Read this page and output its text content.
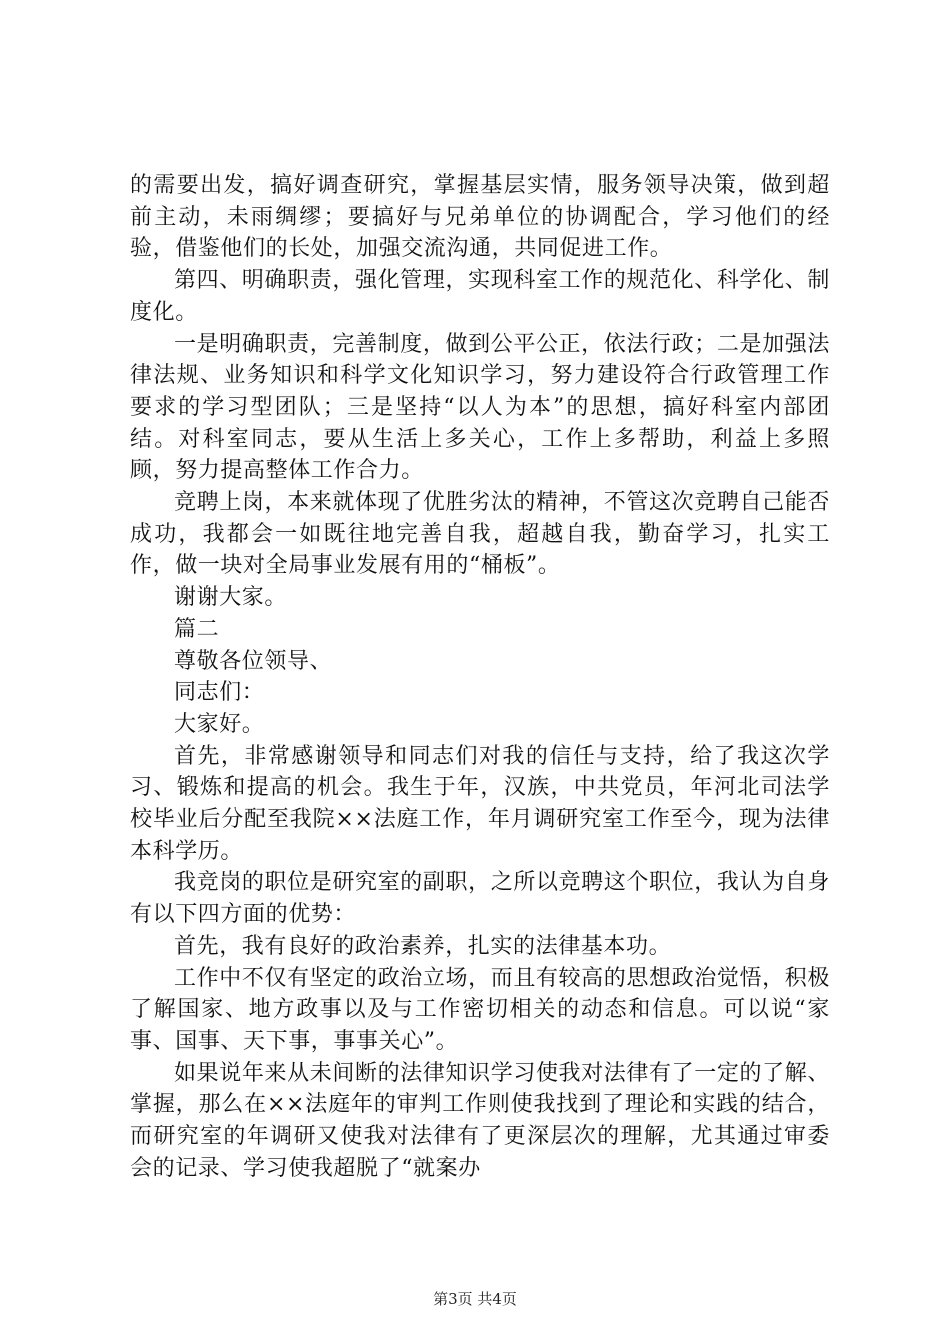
的需要出发，搞好调查研究，掌握基层实情，服务领导决策，做到超前主动，未雨绸缪；要搞好与兄弟单位的协调配合，学习他们的经验，借鉴他们的长处，加强交流沟通，共同促进工作。

第四、明确职责，强化管理，实现科室工作的规范化、科学化、制度化。

一是明确职责，完善制度，做到公平公正，依法行政；二是加强法律法规、业务知识和科学文化知识学习，努力建设符合行政管理工作要求的学习型团队；三是坚持“以人为本”的思想，搞好科室内部团结。对科室同志，要从生活上多关心，工作上多帮助，利益上多照顾，努力提高整体工作合力。

竞聘上岗，本来就体现了优胜劣汰的精神，不管这次竞聘自己能否成功，我都会一如既往地完善自我，超越自我，勤奋学习，扎实工作，做一块对全局事业发展有用的“桶板”。

谢谢大家。

篇二

尊敬各位领导、

同志们：

大家好。

首先，非常感谢领导和同志们对我的信任与支持，给了我这次学习、锻炼和提高的机会。我生于年，汉族，中共党员，年河北司法学校毕业后分配至我院××法庭工作，年月调研究室工作至今，现为法律本科学历。

我竞岗的职位是研究室的副职，之所以竞聘这个职位，我认为自身有以下四方面的优势：

首先，我有良好的政治素养，扎实的法律基本功。

工作中不仅有坚定的政治立场，而且有较高的思想政治觉悟，积极了解国家、地方政事以及与工作密切相关的动态和信息。可以说“家事、国事、天下事，事事关心”。

如果说年来从未间断的法律知识学习使我对法律有了一定的了解、掌握，那么在××法庭年的审判工作则使我找到了理论和实践的结合，而研究室的年调研又使我对法律有了更深层次的理解，尤其通过审委会的记录、学习使我超脱了“就案办

第3页 共4页
